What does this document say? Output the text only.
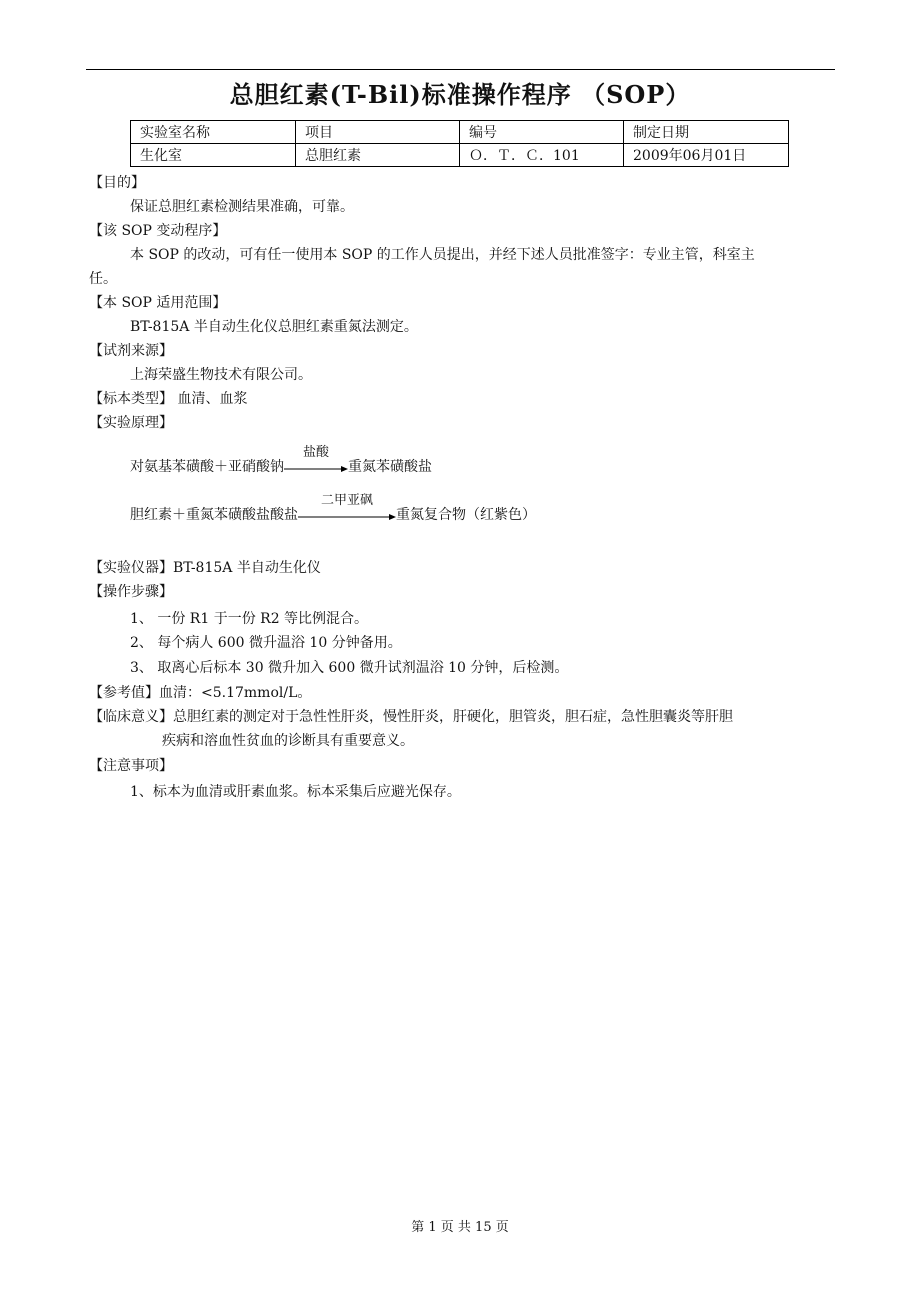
总胆红素(T-Bil)标准操作程序 （SOP）
实验室名称	项目	编号	制定日期
生化室	总胆红素	Ｏ．Ｔ．Ｃ．101	2009年06月01日
【目的】
保证总胆红素检测结果准确，可靠。
【该 SOP 变动程序】
本 SOP 的改动，可有任一使用本 SOP 的工作人员提出，并经下述人员批准签字：专业主管，科室主
任。
【本 SOP 适用范围】
BT-815A 半自动生化仪总胆红素重氮法测定。
【试剂来源】
上海荣盛生物技术有限公司。
【标本类型】 血清、血浆
【实验原理】
对氨基苯磺酸＋亚硝酸钠
盐酸
重氮苯磺酸盐
胆红素＋重氮苯磺酸盐酸盐
二甲亚砜
重氮复合物（红紫色）
【实验仪器】BT-815A 半自动生化仪
【操作步骤】
1、 一份 R1 于一份 R2 等比例混合。
2、 每个病人 600 微升温浴 10 分钟备用。
3、 取离心后标本 30 微升加入 600 微升试剂温浴 10 分钟，后检测。
【参考值】血清：<5.17mmol/L。
【临床意义】总胆红素的测定对于急性性肝炎，慢性肝炎，肝硬化，胆管炎，胆石症，急性胆囊炎等肝胆
疾病和溶血性贫血的诊断具有重要意义。
【注意事项】
1、标本为血清或肝素血浆。标本采集后应避光保存。
第 1 页 共 15 页
